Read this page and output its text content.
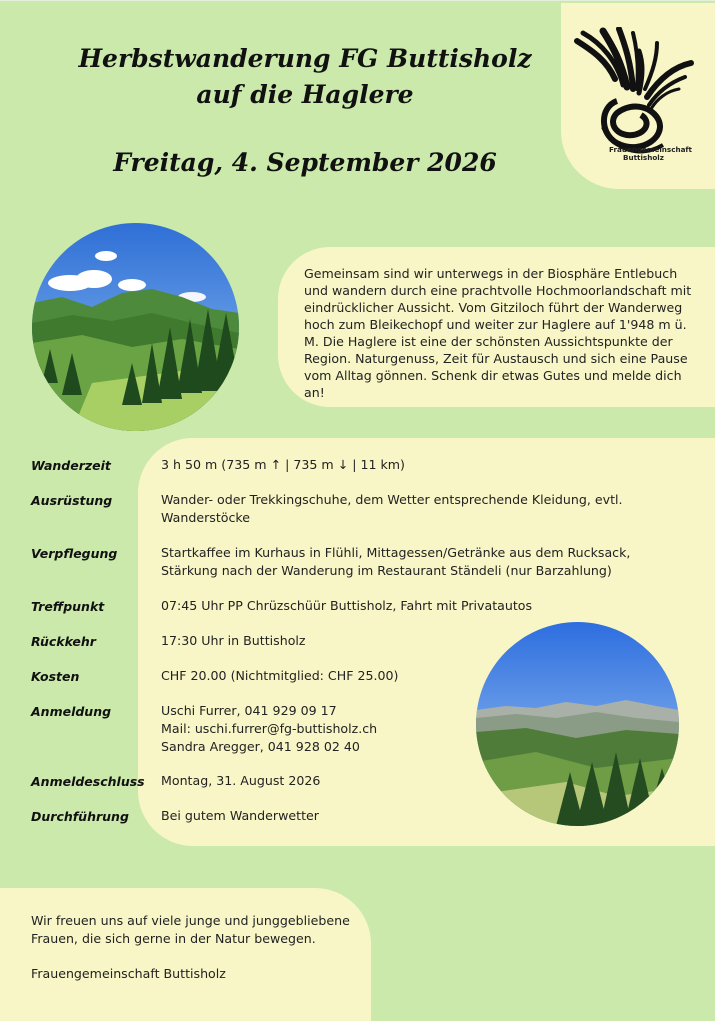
Herbstwanderung FG Buttisholz
auf die Haglere
Freitag, 4. September 2026	Frauengemeinschaft
Buttisholz

Gemeinsam sind wir unterwegs in der Biosphäre Entlebuch und wandern durch eine prachtvolle Hochmoorlandschaft mit eindrücklicher Aussicht. Vom Gitziloch führt der Wanderweg hoch zum Bleikechopf und weiter zur Haglere auf 1'948 m ü. M. Die Haglere ist eine der schönsten Aussichtspunkte der Region. Naturgenuss, Zeit für Austausch und sich eine Pause vom Alltag gönnen. Schenk dir etwas Gutes und melde dich an!

Wanderzeit	3 h 50 m (735 m ↑ | 735 m ↓ | 11 km)
Ausrüstung	Wander- oder Trekkingschuhe, dem Wetter entsprechende Kleidung, evtl.
Wanderstöcke
Verpflegung	Startkaffee im Kurhaus in Flühli, Mittagessen/Getränke aus dem Rucksack,
Stärkung nach der Wanderung im Restaurant Ständeli (nur Barzahlung)
Treffpunkt	07:45 Uhr PP Chrüzschüür Buttisholz, Fahrt mit Privatautos
Rückkehr	17:30 Uhr in Buttisholz
Kosten	CHF 20.00 (Nichtmitglied: CHF 25.00)
Anmeldung	Uschi Furrer, 041 929 09 17
Mail: uschi.furrer@fg-buttisholz.ch
Sandra Aregger, 041 928 02 40
Anmeldeschluss Montag, 31. August 2026
Durchführung	Bei gutem Wanderwetter

Wir freuen uns auf viele junge und junggebliebene Frauen, die sich gerne in der Natur bewegen.

Frauengemeinschaft Buttisholz
